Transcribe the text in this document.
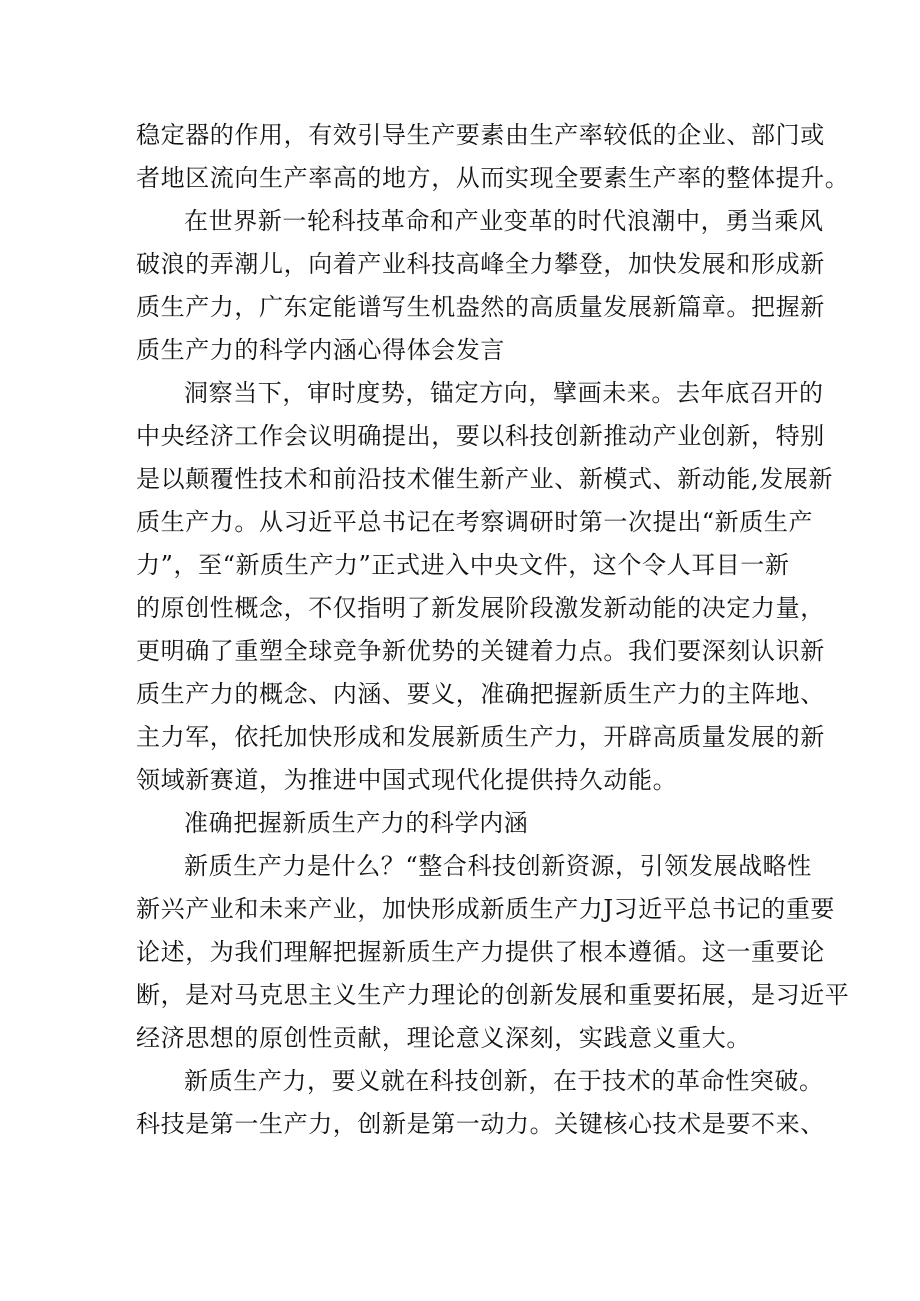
稳定器的作用，有效引导生产要素由生产率较低的企业、部门或
者地区流向生产率高的地方，从而实现全要素生产率的整体提升。
在世界新一轮科技革命和产业变革的时代浪潮中，勇当乘风
破浪的弄潮儿，向着产业科技高峰全力攀登，加快发展和形成新
质生产力，广东定能谱写生机盎然的高质量发展新篇章。把握新
质生产力的科学内涵心得体会发言
洞察当下，审时度势，锚定方向，擘画未来。去年底召开的
中央经济工作会议明确提出，要以科技创新推动产业创新，特别
是以颠覆性技术和前沿技术催生新产业、新模式、新动能,发展新
质生产力。从习近平总书记在考察调研时第一次提出“新质生产
力”，至“新质生产力”正式进入中央文件，这个令人耳目一新
的原创性概念，不仅指明了新发展阶段激发新动能的决定力量，
更明确了重塑全球竞争新优势的关键着力点。我们要深刻认识新
质生产力的概念、内涵、要义，准确把握新质生产力的主阵地、
主力军，依托加快形成和发展新质生产力，开辟高质量发展的新
领域新赛道，为推进中国式现代化提供持久动能。
准确把握新质生产力的科学内涵
新质生产力是什么？“整合科技创新资源，引领发展战略性
新兴产业和未来产业，加快形成新质生产力J习近平总书记的重要
论述，为我们理解把握新质生产力提供了根本遵循。这一重要论
断，是对马克思主义生产力理论的创新发展和重要拓展，是习近平
经济思想的原创性贡献，理论意义深刻，实践意义重大。
新质生产力，要义就在科技创新，在于技术的革命性突破。
科技是第一生产力，创新是第一动力。关键核心技术是要不来、
